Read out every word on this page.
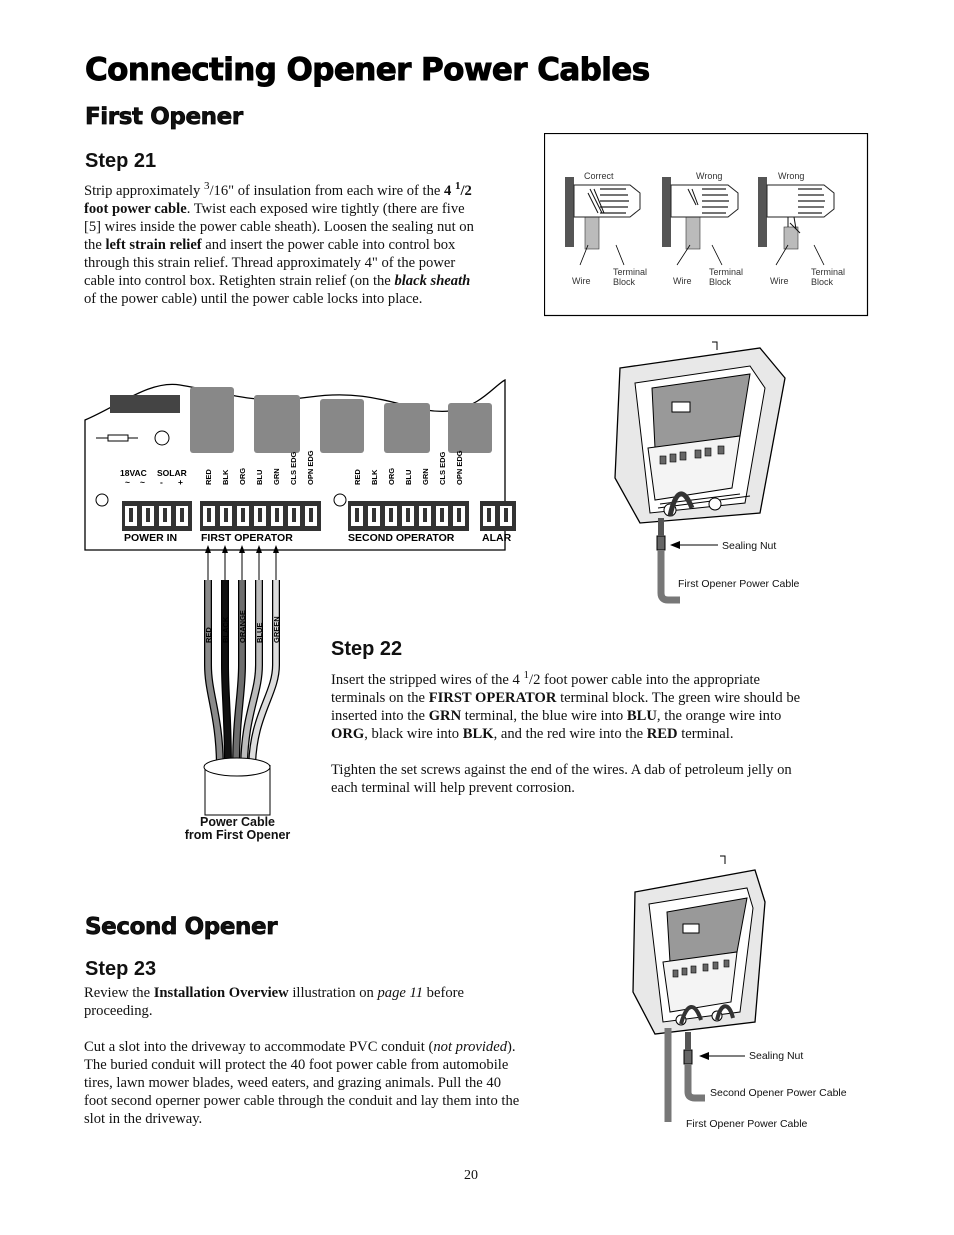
Connecting Opener Power Cables
First Opener
Step 21
Strip approximately $^3$/16" of insulation from each wire of the 4 $^1$/2
foot power cable. Twist each exposed wire tightly (there are five
[5] wires inside the power cable sheath). Loosen the sealing nut on
the left strain relief and insert the power cable into control box
through this strain relief. Thread approximately 4" of the power
cable into control box. Retighten strain relief (on the black sheath
of the power cable) until the power cable locks into place.
Correct	Wrong	Wrong
Wire
Terminal
Block	Wire
Terminal
Block	Wire
Terminal
Block
18VAC SOLAR
~ ~ - +	RED BLK ORG BLU GRN CLS EDG OPN EDG	RED BLK ORG BLU GRN CLS EDG OPN EDG
POWER IN FIRST OPERATOR	SECOND OPERATOR	ALAR
RED BLACK ORANGE BLUE GREEN
Power Cable
from First Opener
Sealing Nut
First Opener Power Cable
Step 22
Insert the stripped wires of the 4 $^1$/2 foot power cable into the appropriate
terminals on the FIRST OPERATOR terminal block. The green wire should be
inserted into the GRN terminal, the blue wire into BLU, the orange wire into
ORG, black wire into BLK, and the red wire into the RED terminal.
Tighten the set screws against the end of the wires. A dab of petroleum jelly on
each terminal will help prevent corrosion.
Second Opener
Step 23
Review the Installation Overview illustration on page 11 before
proceeding.
Cut a slot into the driveway to accommodate PVC conduit (not provided).
The buried conduit will protect the 40 foot power cable from automobile
tires, lawn mower blades, weed eaters, and grazing animals. Pull the 40
foot second operner power cable through the conduit and lay them into the
slot in the driveway.
Sealing Nut
Second Opener Power Cable
First Opener Power Cable
20
